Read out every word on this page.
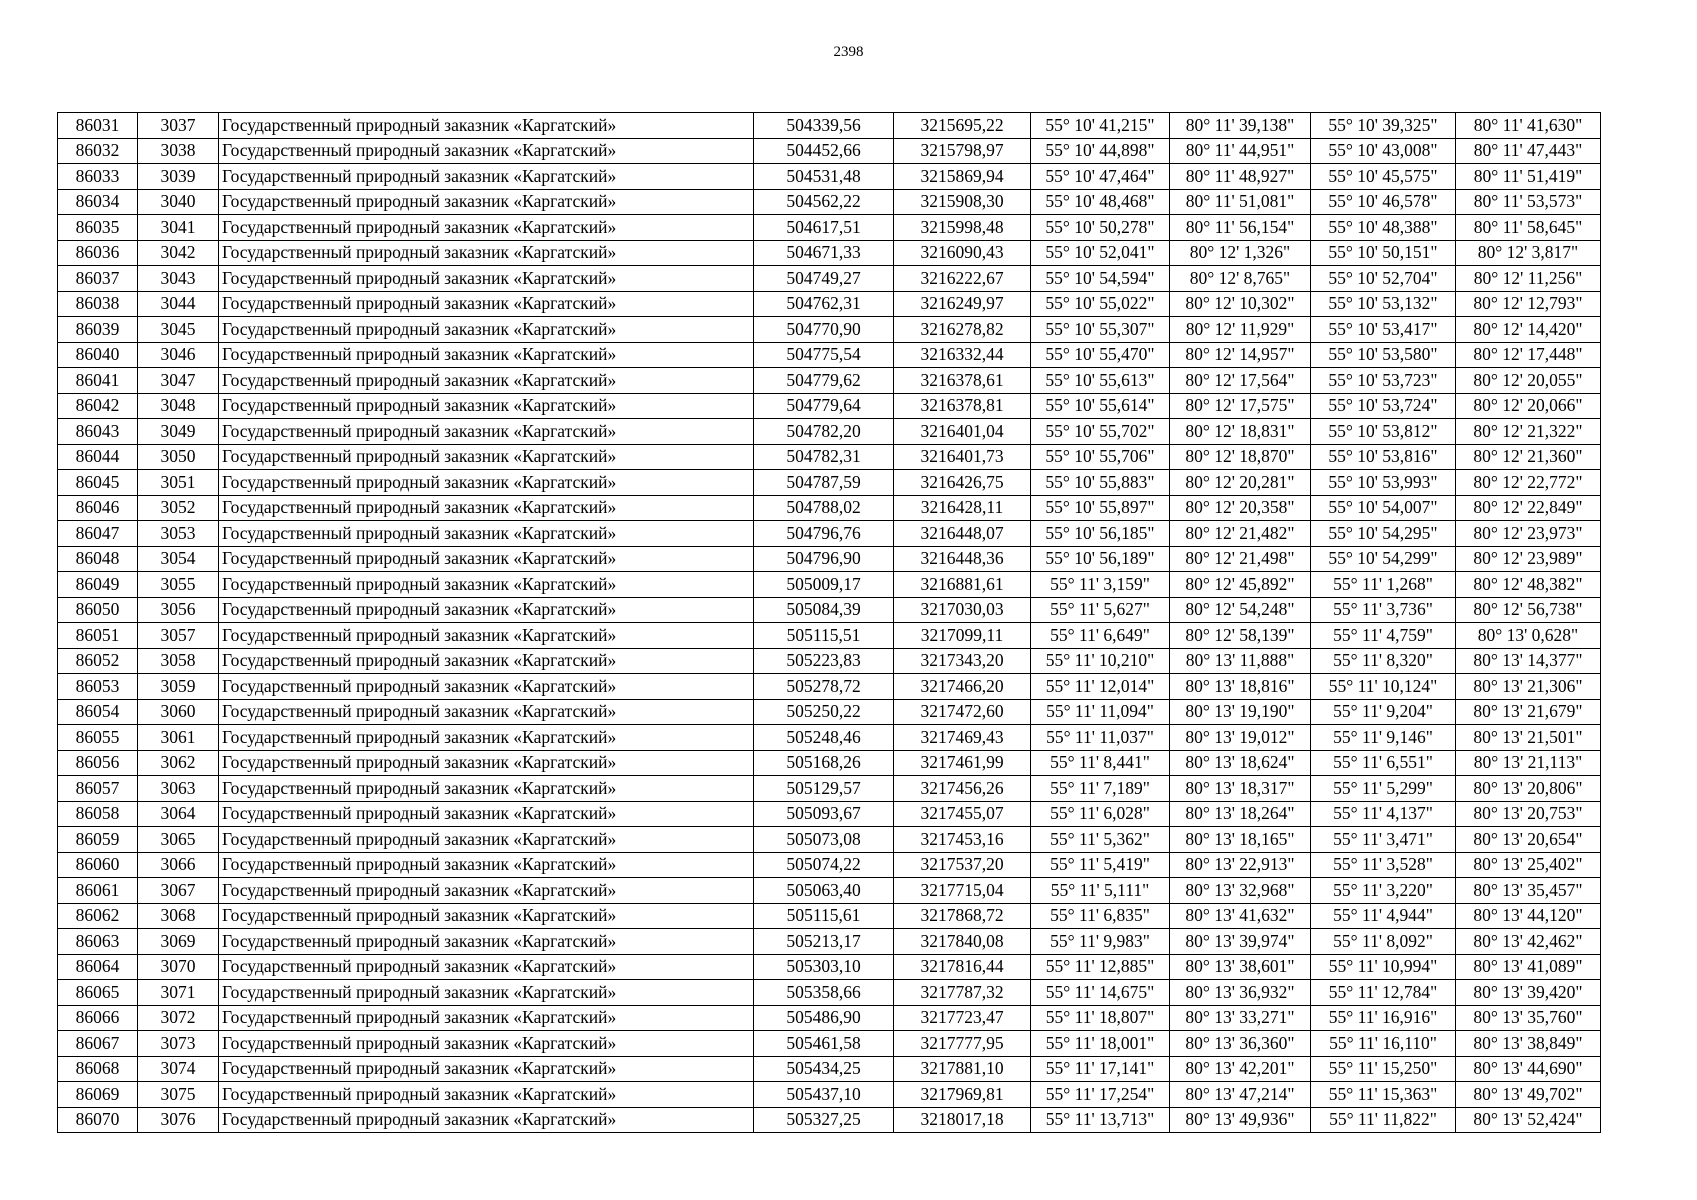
2398
86031	3037	Государственный природный заказник «Каргатский»	504339,56	3215695,22	55° 10' 41,215"	80° 11' 39,138"	55° 10' 39,325"	80° 11' 41,630"
86032	3038	Государственный природный заказник «Каргатский»	504452,66	3215798,97	55° 10' 44,898"	80° 11' 44,951"	55° 10' 43,008"	80° 11' 47,443"
86033	3039	Государственный природный заказник «Каргатский»	504531,48	3215869,94	55° 10' 47,464"	80° 11' 48,927"	55° 10' 45,575"	80° 11' 51,419"
86034	3040	Государственный природный заказник «Каргатский»	504562,22	3215908,30	55° 10' 48,468"	80° 11' 51,081"	55° 10' 46,578"	80° 11' 53,573"
86035	3041	Государственный природный заказник «Каргатский»	504617,51	3215998,48	55° 10' 50,278"	80° 11' 56,154"	55° 10' 48,388"	80° 11' 58,645"
86036	3042	Государственный природный заказник «Каргатский»	504671,33	3216090,43	55° 10' 52,041"	80° 12' 1,326"	55° 10' 50,151"	80° 12' 3,817"
86037	3043	Государственный природный заказник «Каргатский»	504749,27	3216222,67	55° 10' 54,594"	80° 12' 8,765"	55° 10' 52,704"	80° 12' 11,256"
86038	3044	Государственный природный заказник «Каргатский»	504762,31	3216249,97	55° 10' 55,022"	80° 12' 10,302"	55° 10' 53,132"	80° 12' 12,793"
86039	3045	Государственный природный заказник «Каргатский»	504770,90	3216278,82	55° 10' 55,307"	80° 12' 11,929"	55° 10' 53,417"	80° 12' 14,420"
86040	3046	Государственный природный заказник «Каргатский»	504775,54	3216332,44	55° 10' 55,470"	80° 12' 14,957"	55° 10' 53,580"	80° 12' 17,448"
86041	3047	Государственный природный заказник «Каргатский»	504779,62	3216378,61	55° 10' 55,613"	80° 12' 17,564"	55° 10' 53,723"	80° 12' 20,055"
86042	3048	Государственный природный заказник «Каргатский»	504779,64	3216378,81	55° 10' 55,614"	80° 12' 17,575"	55° 10' 53,724"	80° 12' 20,066"
86043	3049	Государственный природный заказник «Каргатский»	504782,20	3216401,04	55° 10' 55,702"	80° 12' 18,831"	55° 10' 53,812"	80° 12' 21,322"
86044	3050	Государственный природный заказник «Каргатский»	504782,31	3216401,73	55° 10' 55,706"	80° 12' 18,870"	55° 10' 53,816"	80° 12' 21,360"
86045	3051	Государственный природный заказник «Каргатский»	504787,59	3216426,75	55° 10' 55,883"	80° 12' 20,281"	55° 10' 53,993"	80° 12' 22,772"
86046	3052	Государственный природный заказник «Каргатский»	504788,02	3216428,11	55° 10' 55,897"	80° 12' 20,358"	55° 10' 54,007"	80° 12' 22,849"
86047	3053	Государственный природный заказник «Каргатский»	504796,76	3216448,07	55° 10' 56,185"	80° 12' 21,482"	55° 10' 54,295"	80° 12' 23,973"
86048	3054	Государственный природный заказник «Каргатский»	504796,90	3216448,36	55° 10' 56,189"	80° 12' 21,498"	55° 10' 54,299"	80° 12' 23,989"
86049	3055	Государственный природный заказник «Каргатский»	505009,17	3216881,61	55° 11' 3,159"	80° 12' 45,892"	55° 11' 1,268"	80° 12' 48,382"
86050	3056	Государственный природный заказник «Каргатский»	505084,39	3217030,03	55° 11' 5,627"	80° 12' 54,248"	55° 11' 3,736"	80° 12' 56,738"
86051	3057	Государственный природный заказник «Каргатский»	505115,51	3217099,11	55° 11' 6,649"	80° 12' 58,139"	55° 11' 4,759"	80° 13' 0,628"
86052	3058	Государственный природный заказник «Каргатский»	505223,83	3217343,20	55° 11' 10,210"	80° 13' 11,888"	55° 11' 8,320"	80° 13' 14,377"
86053	3059	Государственный природный заказник «Каргатский»	505278,72	3217466,20	55° 11' 12,014"	80° 13' 18,816"	55° 11' 10,124"	80° 13' 21,306"
86054	3060	Государственный природный заказник «Каргатский»	505250,22	3217472,60	55° 11' 11,094"	80° 13' 19,190"	55° 11' 9,204"	80° 13' 21,679"
86055	3061	Государственный природный заказник «Каргатский»	505248,46	3217469,43	55° 11' 11,037"	80° 13' 19,012"	55° 11' 9,146"	80° 13' 21,501"
86056	3062	Государственный природный заказник «Каргатский»	505168,26	3217461,99	55° 11' 8,441"	80° 13' 18,624"	55° 11' 6,551"	80° 13' 21,113"
86057	3063	Государственный природный заказник «Каргатский»	505129,57	3217456,26	55° 11' 7,189"	80° 13' 18,317"	55° 11' 5,299"	80° 13' 20,806"
86058	3064	Государственный природный заказник «Каргатский»	505093,67	3217455,07	55° 11' 6,028"	80° 13' 18,264"	55° 11' 4,137"	80° 13' 20,753"
86059	3065	Государственный природный заказник «Каргатский»	505073,08	3217453,16	55° 11' 5,362"	80° 13' 18,165"	55° 11' 3,471"	80° 13' 20,654"
86060	3066	Государственный природный заказник «Каргатский»	505074,22	3217537,20	55° 11' 5,419"	80° 13' 22,913"	55° 11' 3,528"	80° 13' 25,402"
86061	3067	Государственный природный заказник «Каргатский»	505063,40	3217715,04	55° 11' 5,111"	80° 13' 32,968"	55° 11' 3,220"	80° 13' 35,457"
86062	3068	Государственный природный заказник «Каргатский»	505115,61	3217868,72	55° 11' 6,835"	80° 13' 41,632"	55° 11' 4,944"	80° 13' 44,120"
86063	3069	Государственный природный заказник «Каргатский»	505213,17	3217840,08	55° 11' 9,983"	80° 13' 39,974"	55° 11' 8,092"	80° 13' 42,462"
86064	3070	Государственный природный заказник «Каргатский»	505303,10	3217816,44	55° 11' 12,885"	80° 13' 38,601"	55° 11' 10,994"	80° 13' 41,089"
86065	3071	Государственный природный заказник «Каргатский»	505358,66	3217787,32	55° 11' 14,675"	80° 13' 36,932"	55° 11' 12,784"	80° 13' 39,420"
86066	3072	Государственный природный заказник «Каргатский»	505486,90	3217723,47	55° 11' 18,807"	80° 13' 33,271"	55° 11' 16,916"	80° 13' 35,760"
86067	3073	Государственный природный заказник «Каргатский»	505461,58	3217777,95	55° 11' 18,001"	80° 13' 36,360"	55° 11' 16,110"	80° 13' 38,849"
86068	3074	Государственный природный заказник «Каргатский»	505434,25	3217881,10	55° 11' 17,141"	80° 13' 42,201"	55° 11' 15,250"	80° 13' 44,690"
86069	3075	Государственный природный заказник «Каргатский»	505437,10	3217969,81	55° 11' 17,254"	80° 13' 47,214"	55° 11' 15,363"	80° 13' 49,702"
86070	3076	Государственный природный заказник «Каргатский»	505327,25	3218017,18	55° 11' 13,713"	80° 13' 49,936"	55° 11' 11,822"	80° 13' 52,424"
